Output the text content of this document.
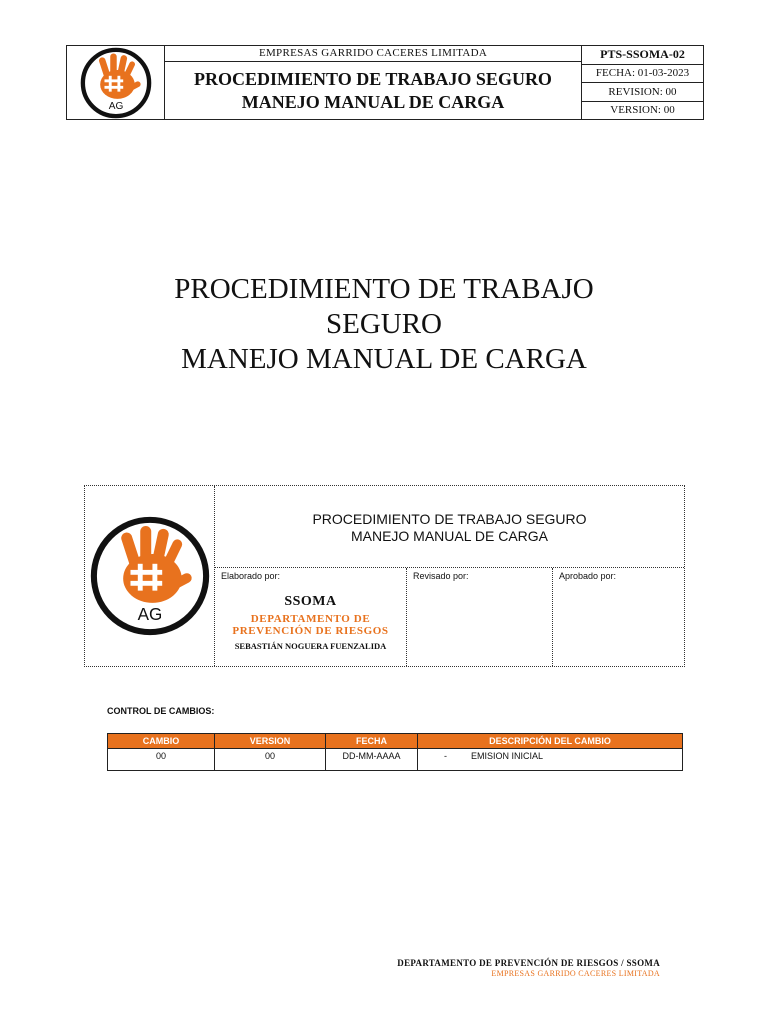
AG
EMPRESAS GARRIDO CACERES LIMITADA
PROCEDIMIENTO DE TRABAJO SEGURO
MANEJO MANUAL DE CARGA
PTS-SSOMA-02
FECHA: 01-03-2023
REVISION: 00
VERSION: 00
PROCEDIMIENTO DE TRABAJO
SEGURO
MANEJO MANUAL DE CARGA
AG
PROCEDIMIENTO DE TRABAJO SEGURO
MANEJO MANUAL DE CARGA
Elaborado por:
SSOMA
DEPARTAMENTO DE
PREVENCIÓN DE RIESGOS
SEBASTIÁN NOGUERA FUENZALIDA
Revisado por:	Aprobado por:
CONTROL DE CAMBIOS:
CAMBIO	VERSION	FECHA	DESCRIPCIÓN DEL CAMBIO
00	00	DD-MM-AAAA	- EMISION INICIAL
DEPARTAMENTO DE PREVENCIÓN DE RIESGOS / SSOMA
EMPRESAS GARRIDO CACERES LIMITADA
